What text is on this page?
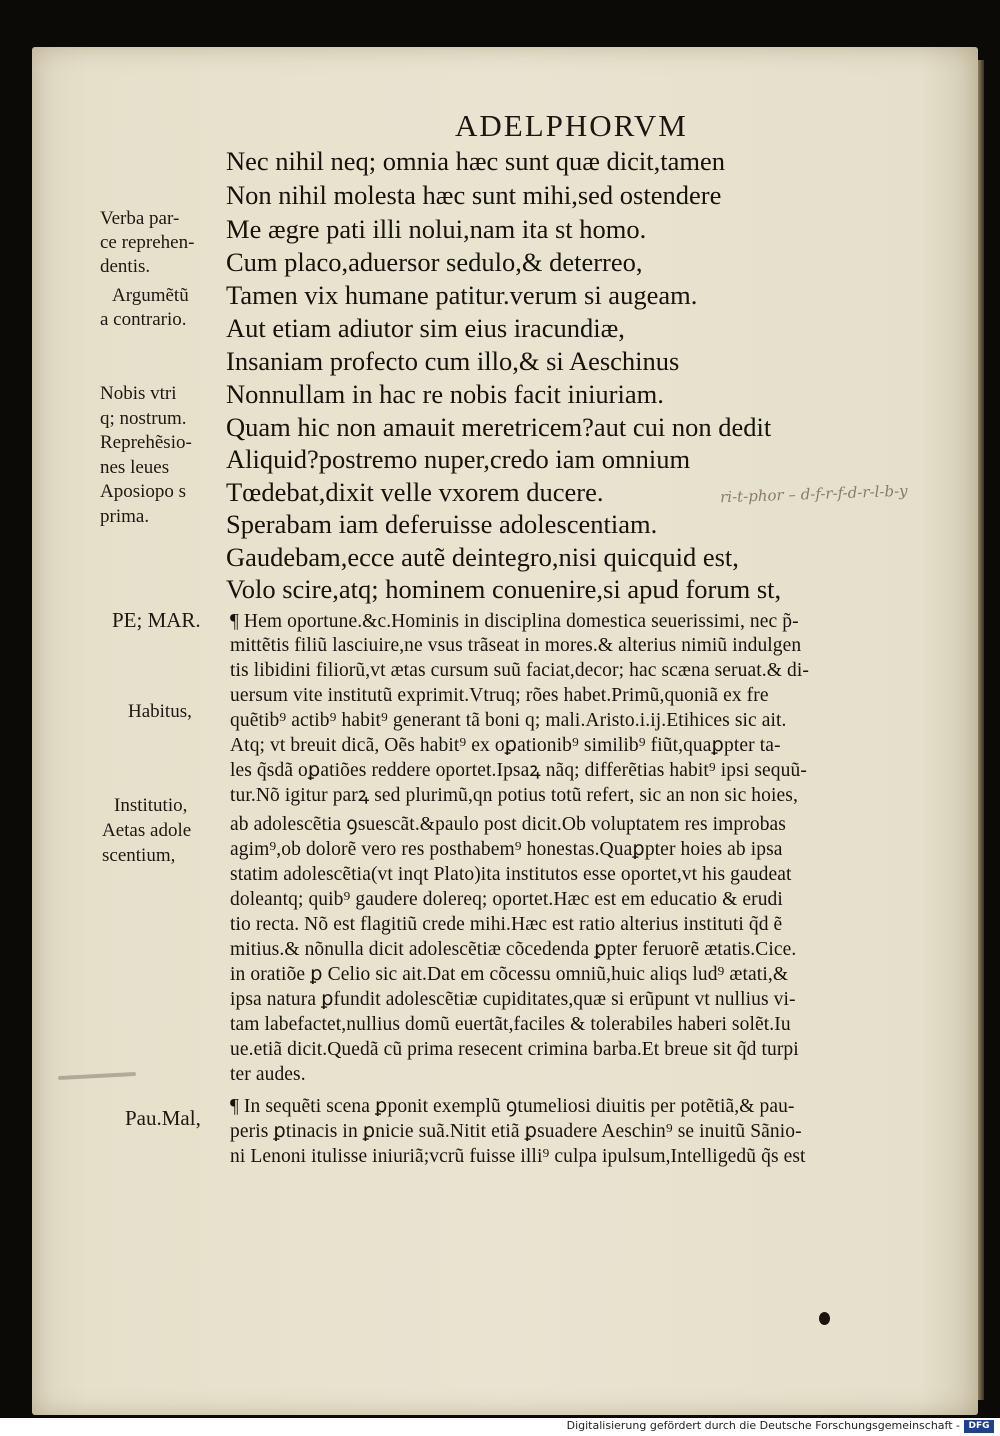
ADELPHORVM
Nec nihil neq; omnia hæc sunt quæ dicit,tamen
Non nihil molesta hæc sunt mihi,sed ostendere
Me ægre pati illi nolui,nam ita st homo.
Cum placo,aduersor sedulo,& deterreo,
Tamen vix humane patitur.verum si augeam.
Aut etiam adiutor sim eius iracundiæ,
Insaniam profecto cum illo,& si Aeschinus
Nonnullam in hac re nobis facit iniuriam.
Quam hic non amauit meretricem?aut cui non dedit
Aliquid?postremo nuper,credo iam omnium
Tœdebat,dixit velle vxorem ducere.
Sperabam iam deferuisse adolescentiam.
Gaudebam,ecce autẽ deintegro,nisi quicquid est,
Volo scire,atq; hominem conuenire,si apud forum st,
¶ Hem oportune.&c.Hominis in disciplina domestica seuerissimi, nec p̃-
mittẽtis filiũ lasciuire,ne vsus trãseat in mores.& alterius nimiũ indulgen
tis libidini filiorũ,vt ætas cursum suũ faciat,decor; hac scæna seruat.& di-
uersum vite institutũ exprimit.Vtruq; rões habet.Primũ,quoniã ex fre
quẽtib⁹ actib⁹ habit⁹ generant tã boni q; mali.Aristo.i.ij.Etihices sic ait.
Atq; vt breuit dicã, Oẽs habit⁹ ex oꝑationib⁹ similib⁹ fiũt,quaꝑpter ta-
les q̃sdã oꝑatiões reddere oportet.Ipsaꝝ nãq; differẽtias habit⁹ ipsi sequũ-
tur.Nõ igitur parꝝ sed plurimũ,qn potius totũ refert, sic an non sic hoies,
ab adolescẽtia ꝯsuescãt.&paulo post dicit.Ob voluptatem res improbas
agim⁹,ob dolorẽ vero res posthabem⁹ honestas.Quaꝑpter hoies ab ipsa
statim adolescẽtia(vt inqt Plato)ita institutos esse oportet,vt his gaudeat
doleantq; quib⁹ gaudere dolereq; oportet.Hæc est em educatio & erudi
tio recta. Nõ est flagitiũ crede mihi.Hæc est ratio alterius instituti q̃d ẽ
mitius.& nõnulla dicit adolescẽtiæ cõcedenda ꝑpter feruorẽ ætatis.Cice.
in oratiõe ꝑ Celio sic ait.Dat em cõcessu omniũ,huic aliqs lud⁹ ætati,&
ipsa natura ꝑfundit adolescẽtiæ cupiditates,quæ si erũpunt vt nullius vi-
tam labefactet,nullius domũ euertãt,faciles & tolerabiles haberi solẽt.Iu
ue.etiã dicit.Quedã cũ prima resecent crimina barba.Et breue sit q̃d turpi
ter audes.
¶ In sequẽti scena ꝑponit exemplũ ꝯtumeliosi diuitis per potẽtiã,& pau-
peris ꝑtinacis in ꝑnicie suã.Nitit etiã ꝑsuadere Aeschin⁹ se inuitũ Sãnio-
ni Lenoni itulisse iniuriã;vcrũ fuisse illi⁹ culpa ipulsum,Intelligedũ q̃s est
Verba par-
ce reprehen-
dentis.
Argumẽtũ
a contrario.
Nobis vtri
q; nostrum.
Reprehẽsio-
nes leues
Aposiopo s
prima.
PE; MAR.
Habitus,
Institutio,
Aetas adole
scentium,
Pau.Mal,
ri-t-phor – d-f-r-f-d-r-l-b-y
Digitalisierung gefördert durch die Deutsche Forschungsgemeinschaft - DFG
